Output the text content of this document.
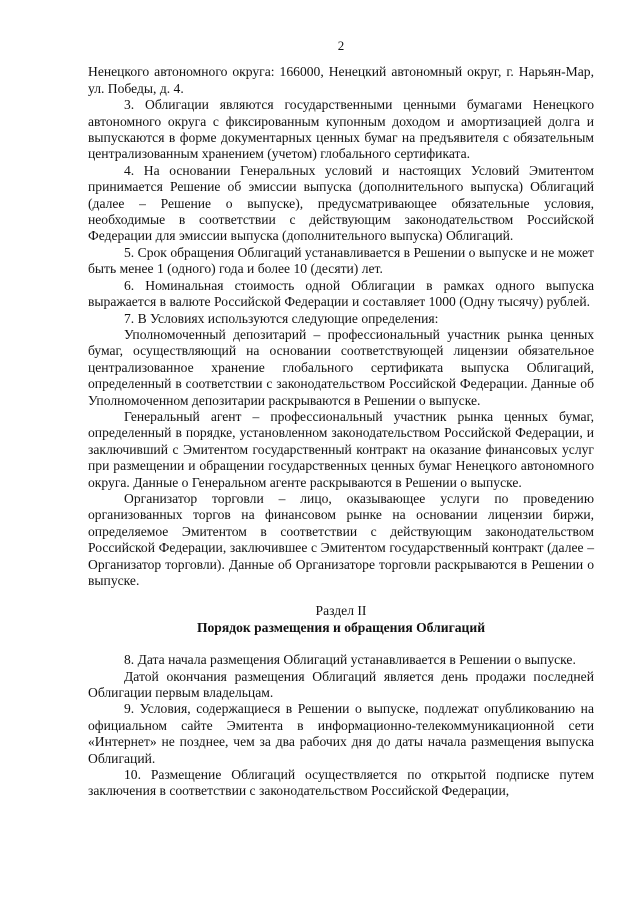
2

Ненецкого автономного округа: 166000, Ненецкий автономный округ, г. Нарьян-Мар, ул. Победы, д. 4.

3. Облигации являются государственными ценными бумагами Ненецкого автономного округа с фиксированным купонным доходом и амортизацией долга и выпускаются в форме документарных ценных бумаг на предъявителя с обязательным централизованным хранением (учетом) глобального сертификата.

4. На основании Генеральных условий и настоящих Условий Эмитентом принимается Решение об эмиссии выпуска (дополнительного выпуска) Облигаций (далее – Решение о выпуске), предусматривающее обязательные условия, необходимые в соответствии с действующим законодательством Российской Федерации для эмиссии выпуска (дополнительного выпуска) Облигаций.

5. Срок обращения Облигаций устанавливается в Решении о выпуске и не может быть менее 1 (одного) года и более 10 (десяти) лет.

6. Номинальная стоимость одной Облигации в рамках одного выпуска выражается в валюте Российской Федерации и составляет 1000 (Одну тысячу) рублей.

7. В Условиях используются следующие определения:

Уполномоченный депозитарий – профессиональный участник рынка ценных бумаг, осуществляющий на основании соответствующей лицензии обязательное централизованное хранение глобального сертификата выпуска Облигаций, определенный в соответствии с законодательством Российской Федерации. Данные об Уполномоченном депозитарии раскрываются в Решении о выпуске.

Генеральный агент – профессиональный участник рынка ценных бумаг, определенный в порядке, установленном законодательством Российской Федерации, и заключивший с Эмитентом государственный контракт на оказание финансовых услуг при размещении и обращении государственных ценных бумаг Ненецкого автономного округа. Данные о Генеральном агенте раскрываются в Решении о выпуске.

Организатор торговли – лицо, оказывающее услуги по проведению организованных торгов на финансовом рынке на основании лицензии биржи, определяемое Эмитентом в соответствии с действующим законодательством Российской Федерации, заключившее с Эмитентом государственный контракт (далее – Организатор торговли). Данные об Организаторе торговли раскрываются в Решении о выпуске.

Раздел II
Порядок размещения и обращения Облигаций

8. Дата начала размещения Облигаций устанавливается в Решении о выпуске.

Датой окончания размещения Облигаций является день продажи последней Облигации первым владельцам.

9. Условия, содержащиеся в Решении о выпуске, подлежат опубликованию на официальном сайте Эмитента в информационно-телекоммуникационной сети «Интернет» не позднее, чем за два рабочих дня до даты начала размещения выпуска Облигаций.

10. Размещение Облигаций осуществляется по открытой подписке путем заключения в соответствии с законодательством Российской Федерации,
